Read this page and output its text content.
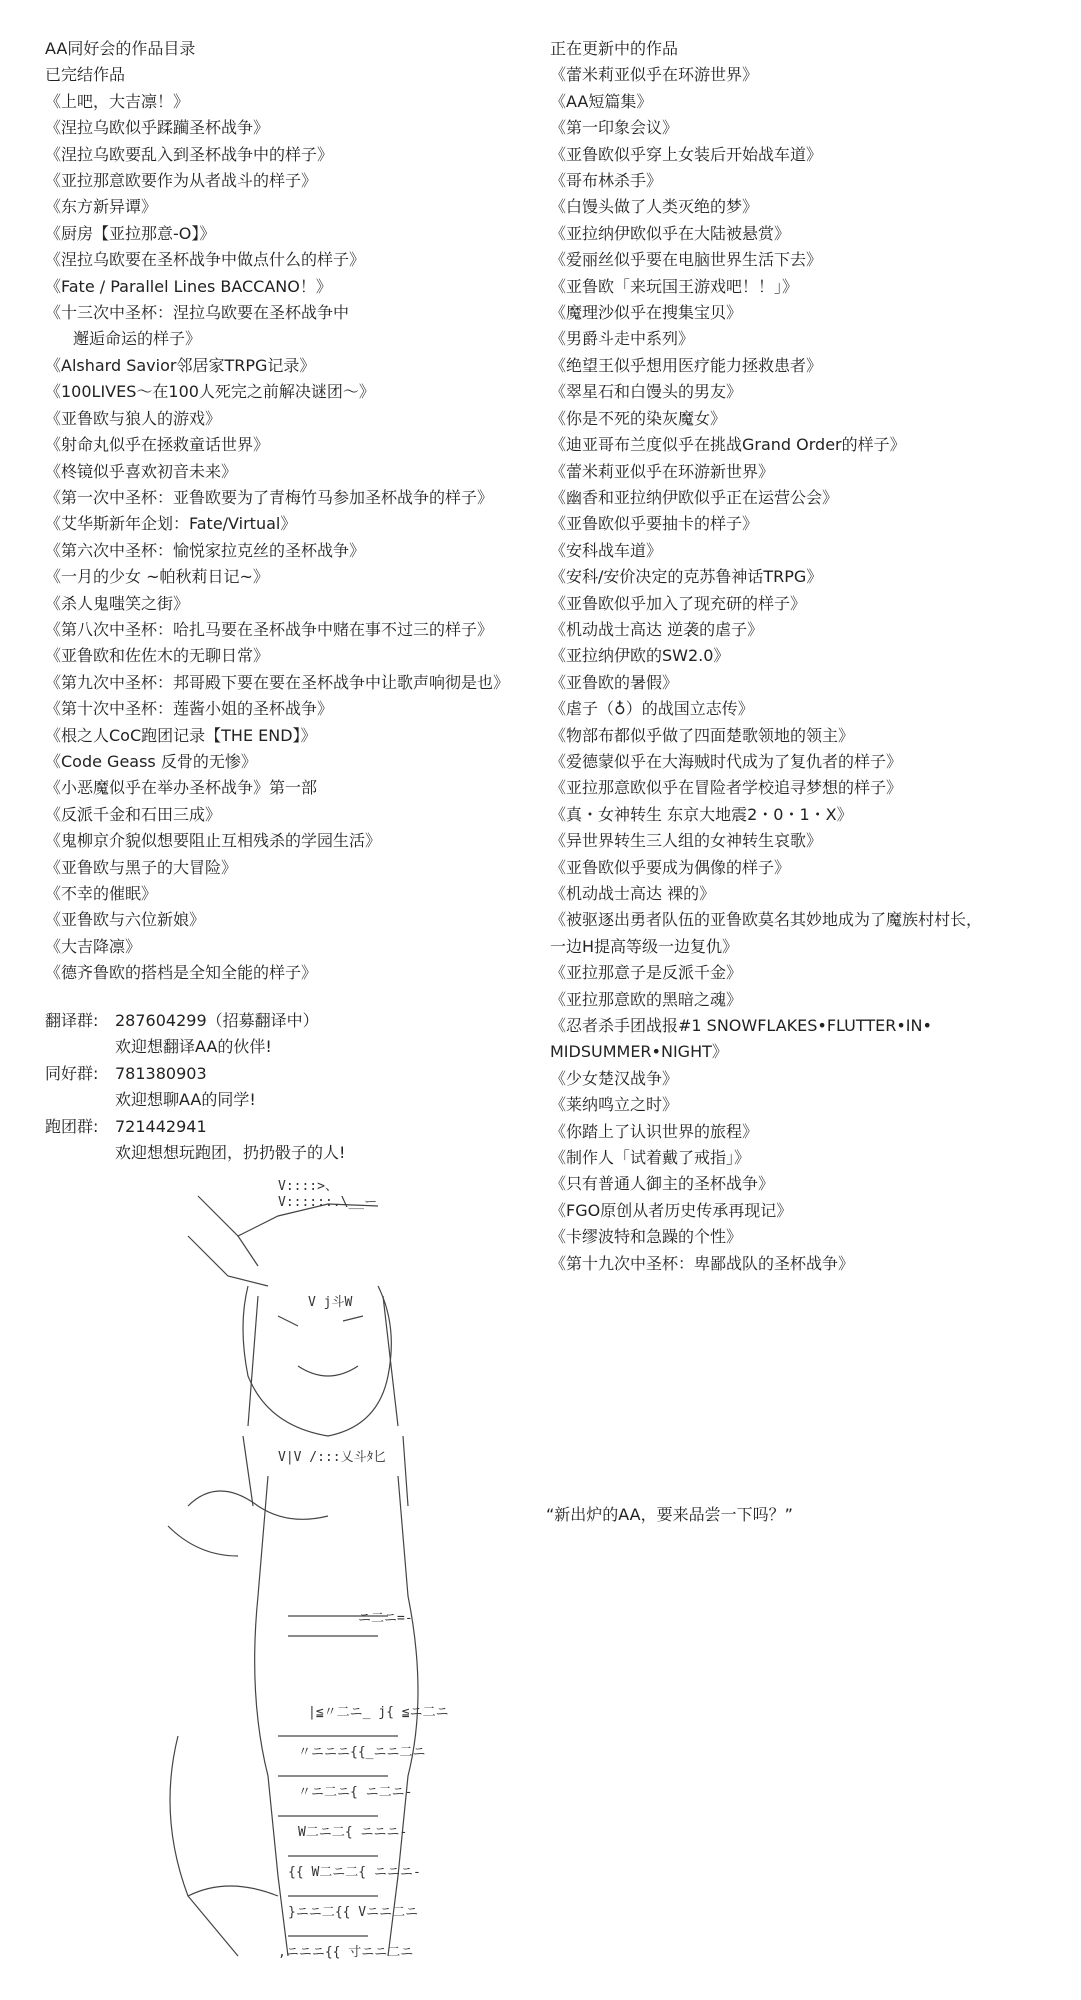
AA同好会的作品目录
已完结作品
《上吧，大吉凛！》
《涅拉乌欧似乎蹂躏圣杯战争》
《涅拉乌欧要乱入到圣杯战争中的样子》
《亚拉那意欧要作为从者战斗的样子》
《东方新异谭》
《厨房【亚拉那意-O】》
《涅拉乌欧要在圣杯战争中做点什么的样子》
《Fate / Parallel Lines BACCANO！》
《十三次中圣杯：涅拉乌欧要在圣杯战争中
邂逅命运的样子》
《Alshard Savior邻居家TRPG记录》
《100LIVES～在100人死完之前解决谜团～》
《亚鲁欧与狼人的游戏》
《射命丸似乎在拯救童话世界》
《柊镜似乎喜欢初音未来》
《第一次中圣杯：亚鲁欧要为了青梅竹马参加圣杯战争的样子》
《艾华斯新年企划：Fate/Virtual》
《第六次中圣杯：愉悦家拉克丝的圣杯战争》
《一月的少女 ~帕秋莉日记~》
《杀人鬼嗤笑之街》
《第八次中圣杯：哈扎马要在圣杯战争中赌在事不过三的样子》
《亚鲁欧和佐佐木的无聊日常》
《第九次中圣杯：邦哥殿下要在要在圣杯战争中让歌声响彻是也》
《第十次中圣杯：莲酱小姐的圣杯战争》
《根之人CoC跑团记录【THE END】》
《Code Geass 反骨的无惨》
《小恶魔似乎在举办圣杯战争》第一部
《反派千金和石田三成》
《鬼柳京介貌似想要阻止互相残杀的学园生活》
《亚鲁欧与黑子的大冒险》
《不幸的催眠》
《亚鲁欧与六位新娘》
《大吉降凛》
《德齐鲁欧的搭档是全知全能的样子》
正在更新中的作品
《蕾米莉亚似乎在环游世界》
《AA短篇集》
《第一印象会议》
《亚鲁欧似乎穿上女装后开始战车道》
《哥布林杀手》
《白馒头做了人类灭绝的梦》
《亚拉纳伊欧似乎在大陆被悬赏》
《爱丽丝似乎要在电脑世界生活下去》
《亚鲁欧「来玩国王游戏吧！！」》
《魔理沙似乎在搜集宝贝》
《男爵斗走中系列》
《绝望王似乎想用医疗能力拯救患者》
《翠星石和白馒头的男友》
《你是不死的染灰魔女》
《迪亚哥布兰度似乎在挑战Grand Order的样子》
《蕾米莉亚似乎在环游新世界》
《幽香和亚拉纳伊欧似乎正在运营公会》
《亚鲁欧似乎要抽卡的样子》
《安科战车道》
《安科/安价决定的克苏鲁神话TRPG》
《亚鲁欧似乎加入了现充研的样子》
《机动战士高达 逆袭的虐子》
《亚拉纳伊欧的SW2.0》
《亚鲁欧的暑假》
《虐子（♁）的战国立志传》
《物部布都似乎做了四面楚歌领地的领主》
《爱德蒙似乎在大海贼时代成为了复仇者的样子》
《亚拉那意欧似乎在冒险者学校追寻梦想的样子》
《真・女神转生 东京大地震2・0・1・X》
《异世界转生三人组的女神转生哀歌》
《亚鲁欧似乎要成为偶像的样子》
《机动战士高达 裸的》
《被驱逐出勇者队伍的亚鲁欧莫名其妙地成为了魔族村村长，
一边H提高等级一边复仇》
《亚拉那意子是反派千金》
《亚拉那意欧的黑暗之魂》
《忍者杀手团战报#1 SNOWFLAKES•FLUTTER•IN•
MIDSUMMER•NIGHT》
《少女楚汉战争》
《莱纳鸣立之时》
《你踏上了认识世界的旅程》
《制作人「试着戴了戒指」》
《只有普通人御主的圣杯战争》
《FGO原创从者历史传承再现记》
《卡缪波特和急躁的个性》
《第十九次中圣杯：卑鄙战队的圣杯战争》
翻译群: 287604299（招募翻译中）
欢迎想翻译AA的伙伴!
同好群: 781380903
欢迎想聊AA的同学!
跑团群: 721442941
欢迎想想玩跑团，扔扔骰子的人!
“新出炉的AA，要来品尝一下吗？”
V::::>、
V::::::.\__ー
V j斗W
V|V /:::乂斗ﾀ匕
ニ二ニ=-
|≦〃二ニ_ j{ ≦ニ二ニ
〃ニニニ{{_ニニ二ニ
〃ニ二ニ{ ニ二ニ-
W二ニ二{ ニニニ-
{{ W二ニ二{ ニニニ-
}ニニ二{{ Vニニ二ニ
,ニニニ{{ 寸ニニ二ニ
